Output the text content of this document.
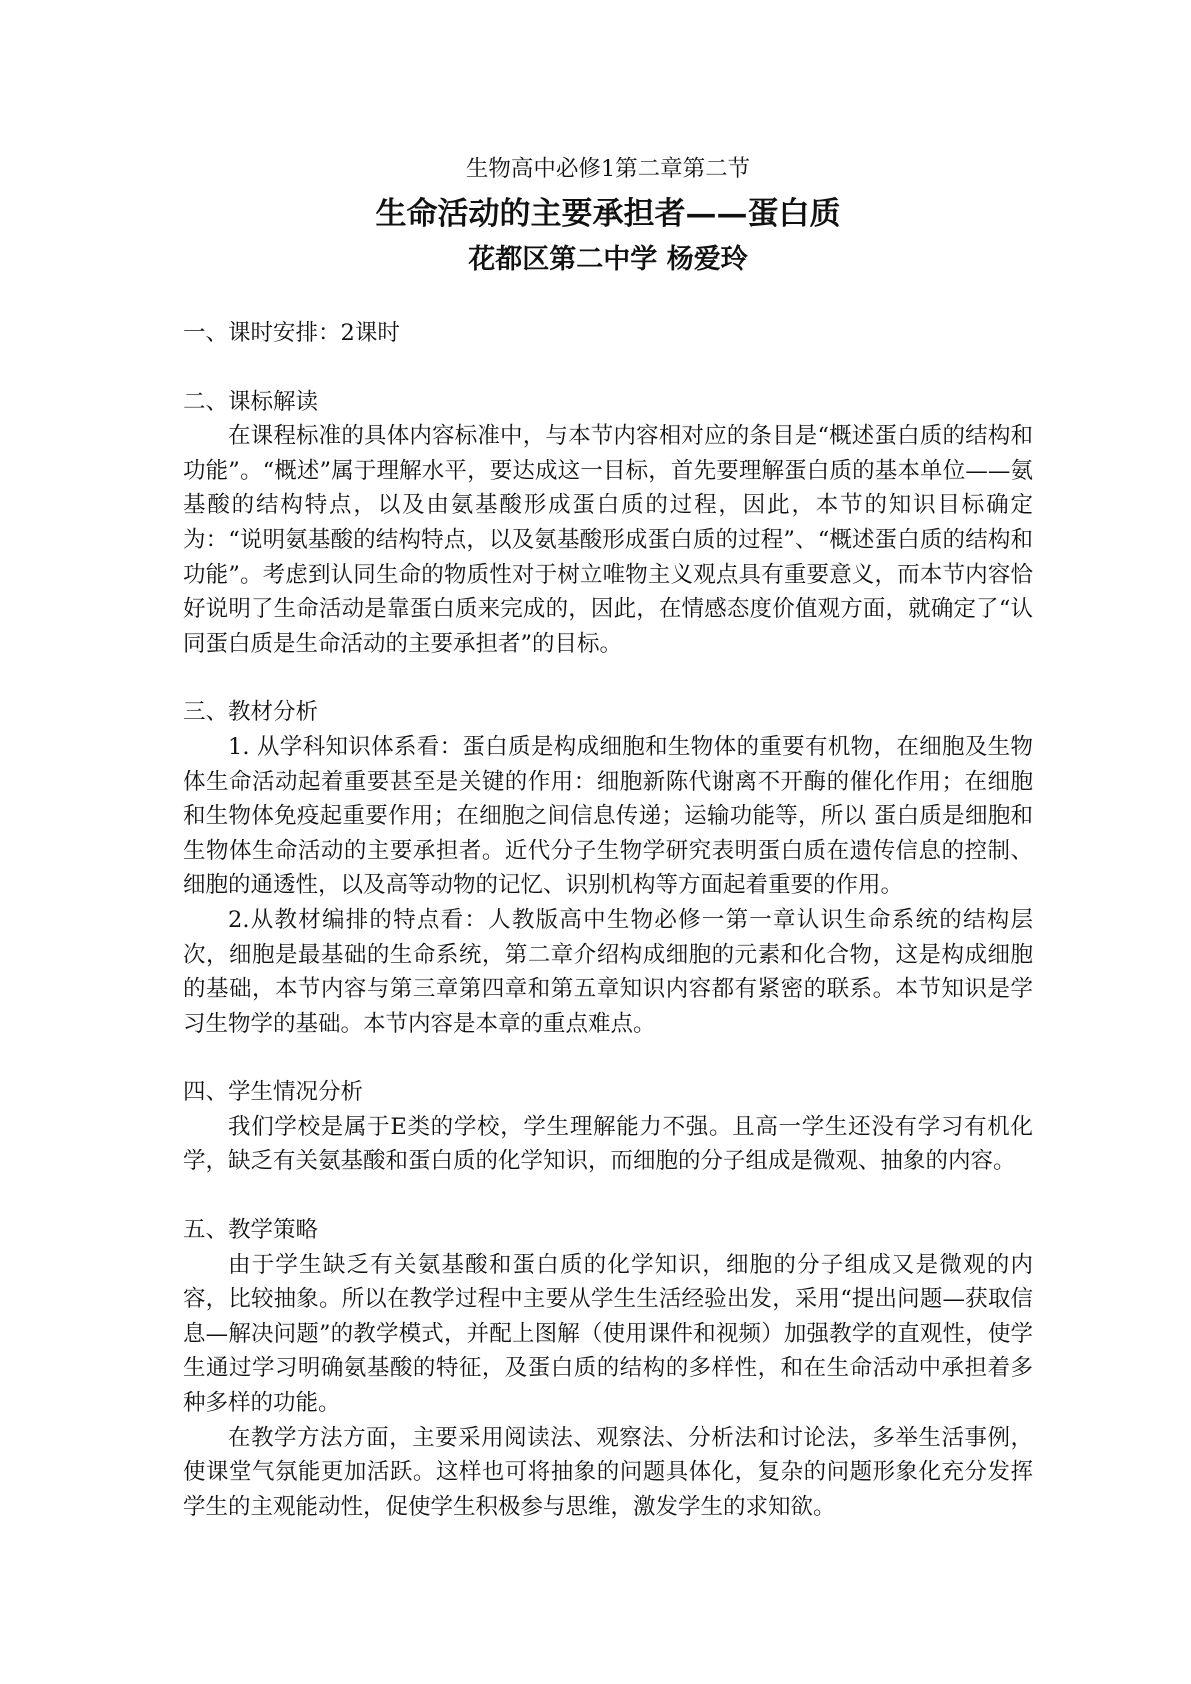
生物高中必修1第二章第二节
生命活动的主要承担者——蛋白质
花都区第二中学 杨爱玲

一、课时安排：2课时

二、课标解读

在课程标准的具体内容标准中，与本节内容相对应的条目是“概述蛋白质的结构和功能”。“概述”属于理解水平，要达成这一目标，首先要理解蛋白质的基本单位——氨基酸的结构特点，以及由氨基酸形成蛋白质的过程，因此，本节的知识目标确定为：“说明氨基酸的结构特点，以及氨基酸形成蛋白质的过程”、“概述蛋白质的结构和功能”。考虑到认同生命的物质性对于树立唯物主义观点具有重要意义，而本节内容恰好说明了生命活动是靠蛋白质来完成的，因此，在情感态度价值观方面，就确定了“认同蛋白质是生命活动的主要承担者”的目标。

三、教材分析

1. 从学科知识体系看：蛋白质是构成细胞和生物体的重要有机物，在细胞及生物体生命活动起着重要甚至是关键的作用：细胞新陈代谢离不开酶的催化作用；在细胞和生物体免疫起重要作用；在细胞之间信息传递；运输功能等，所以 蛋白质是细胞和生物体生命活动的主要承担者。近代分子生物学研究表明蛋白质在遗传信息的控制、细胞的通透性，以及高等动物的记忆、识别机构等方面起着重要的作用。

2.从教材编排的特点看：人教版高中生物必修一第一章认识生命系统的结构层次，细胞是最基础的生命系统，第二章介绍构成细胞的元素和化合物，这是构成细胞的基础，本节内容与第三章第四章和第五章知识内容都有紧密的联系。本节知识是学习生物学的基础。本节内容是本章的重点难点。

四、学生情况分析

我们学校是属于E类的学校，学生理解能力不强。且高一学生还没有学习有机化学，缺乏有关氨基酸和蛋白质的化学知识，而细胞的分子组成是微观、抽象的内容。

五、教学策略

由于学生缺乏有关氨基酸和蛋白质的化学知识，细胞的分子组成又是微观的内容，比较抽象。所以在教学过程中主要从学生生活经验出发，采用“提出问题—获取信息—解决问题”的教学模式，并配上图解（使用课件和视频）加强教学的直观性，使学生通过学习明确氨基酸的特征，及蛋白质的结构的多样性，和在生命活动中承担着多种多样的功能。

在教学方法方面，主要采用阅读法、观察法、分析法和讨论法，多举生活事例，使课堂气氛能更加活跃。这样也可将抽象的问题具体化，复杂的问题形象化充分发挥学生的主观能动性，促使学生积极参与思维，激发学生的求知欲。
